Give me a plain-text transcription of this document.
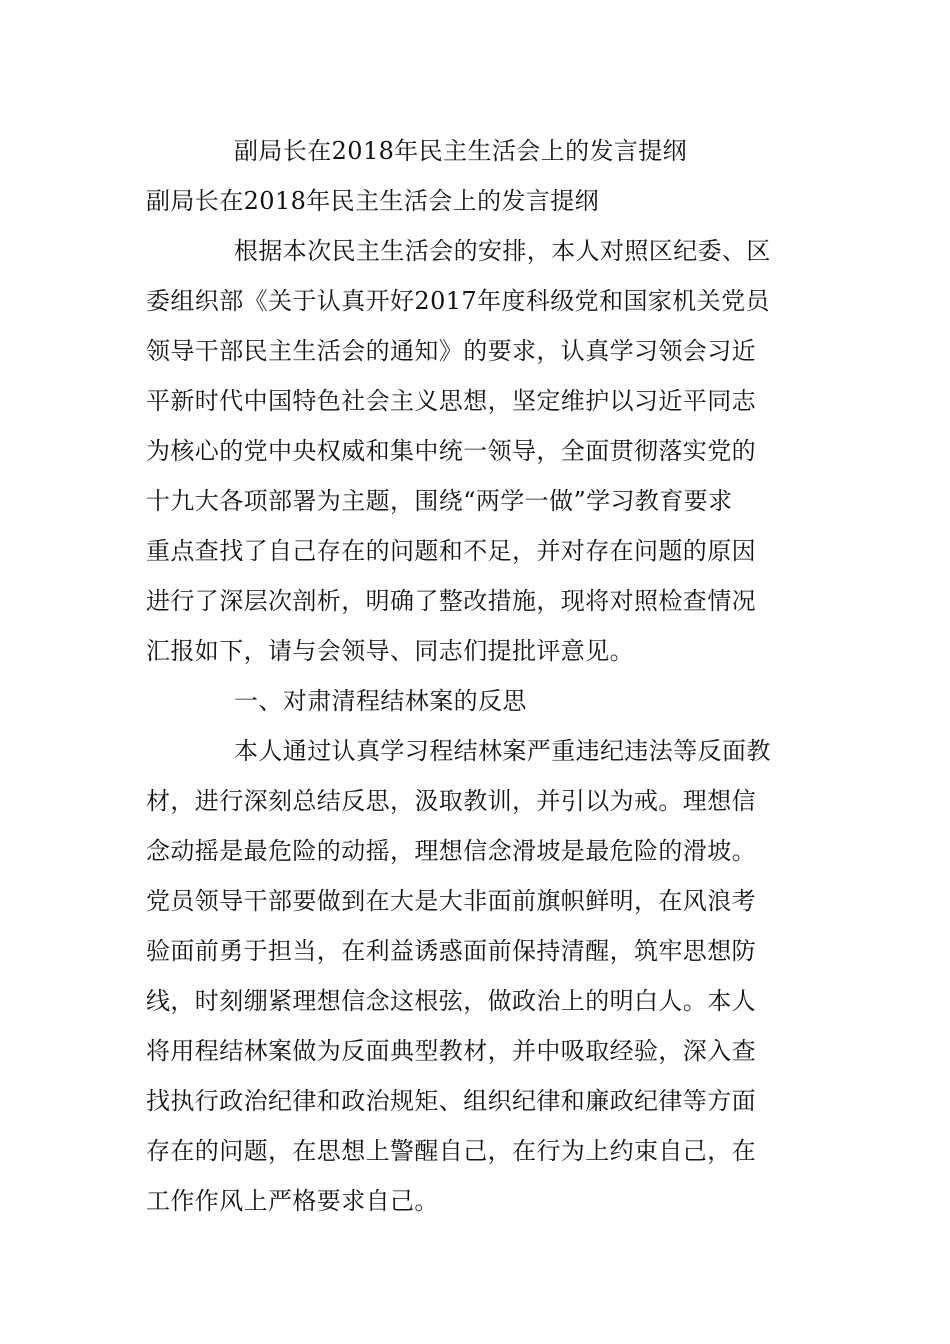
副局长在2018年民主生活会上的发言提纲
副局长在2018年民主生活会上的发言提纲
根据本次民主生活会的安排，本人对照区纪委、区
委组织部《关于认真开好2017年度科级党和国家机关党员
领导干部民主生活会的通知》的要求，认真学习领会习近
平新时代中国特色社会主义思想，坚定维护以习近平同志
为核心的党中央权威和集中统一领导，全面贯彻落实党的
十九大各项部署为主题，围绕“两学一做”学习教育要求
重点查找了自己存在的问题和不足，并对存在问题的原因
进行了深层次剖析，明确了整改措施，现将对照检查情况
汇报如下，请与会领导、同志们提批评意见。
一、对肃清程结林案的反思
本人通过认真学习程结林案严重违纪违法等反面教
材，进行深刻总结反思，汲取教训，并引以为戒。理想信
念动摇是最危险的动摇，理想信念滑坡是最危险的滑坡。
党员领导干部要做到在大是大非面前旗帜鲜明，在风浪考
验面前勇于担当，在利益诱惑面前保持清醒，筑牢思想防
线，时刻绷紧理想信念这根弦，做政治上的明白人。本人
将用程结林案做为反面典型教材，并中吸取经验，深入查
找执行政治纪律和政治规矩、组织纪律和廉政纪律等方面
存在的问题，在思想上警醒自己，在行为上约束自己，在
工作作风上严格要求自己。
